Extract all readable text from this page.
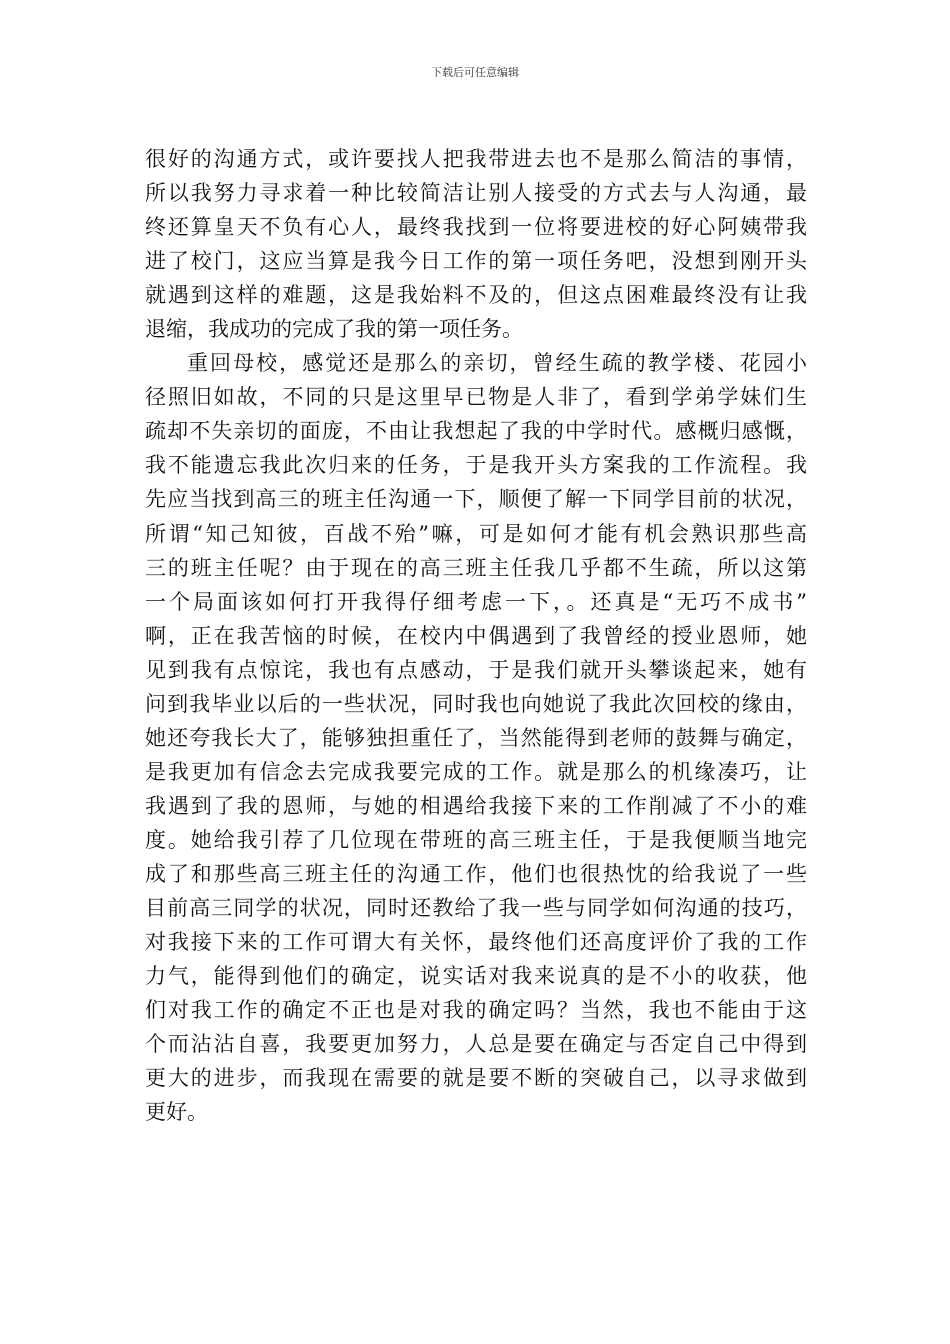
下载后可任意编辑
很好的沟通方式，或许要找人把我带进去也不是那么简洁的事情，
所以我努力寻求着一种比较简洁让别人接受的方式去与人沟通，最
终还算皇天不负有心人，最终我找到一位将要进校的好心阿姨带我
进了校门，这应当算是我今日工作的第一项任务吧，没想到刚开头
就遇到这样的难题，这是我始料不及的，但这点困难最终没有让我
退缩，我成功的完成了我的第一项任务。
重回母校，感觉还是那么的亲切，曾经生疏的教学楼、花园小
径照旧如故，不同的只是这里早已物是人非了，看到学弟学妹们生
疏却不失亲切的面庞，不由让我想起了我的中学时代。感概归感慨，
我不能遗忘我此次归来的任务，于是我开头方案我的工作流程。我
先应当找到高三的班主任沟通一下，顺便了解一下同学目前的状况，
所谓“知己知彼，百战不殆”嘛，可是如何才能有机会熟识那些高
三的班主任呢？由于现在的高三班主任我几乎都不生疏，所以这第
一个局面该如何打开我得仔细考虑一下，。还真是“无巧不成书”
啊，正在我苦恼的时候，在校内中偶遇到了我曾经的授业恩师，她
见到我有点惊诧，我也有点感动，于是我们就开头攀谈起来，她有
问到我毕业以后的一些状况，同时我也向她说了我此次回校的缘由，
她还夸我长大了，能够独担重任了，当然能得到老师的鼓舞与确定，
是我更加有信念去完成我要完成的工作。就是那么的机缘凑巧，让
我遇到了我的恩师，与她的相遇给我接下来的工作削减了不小的难
度。她给我引荐了几位现在带班的高三班主任，于是我便顺当地完
成了和那些高三班主任的沟通工作，他们也很热忱的给我说了一些
目前高三同学的状况，同时还教给了我一些与同学如何沟通的技巧，
对我接下来的工作可谓大有关怀，最终他们还高度评价了我的工作
力气，能得到他们的确定，说实话对我来说真的是不小的收获，他
们对我工作的确定不正也是对我的确定吗？当然，我也不能由于这
个而沾沾自喜，我要更加努力，人总是要在确定与否定自己中得到
更大的进步，而我现在需要的就是要不断的突破自己，以寻求做到
更好。
